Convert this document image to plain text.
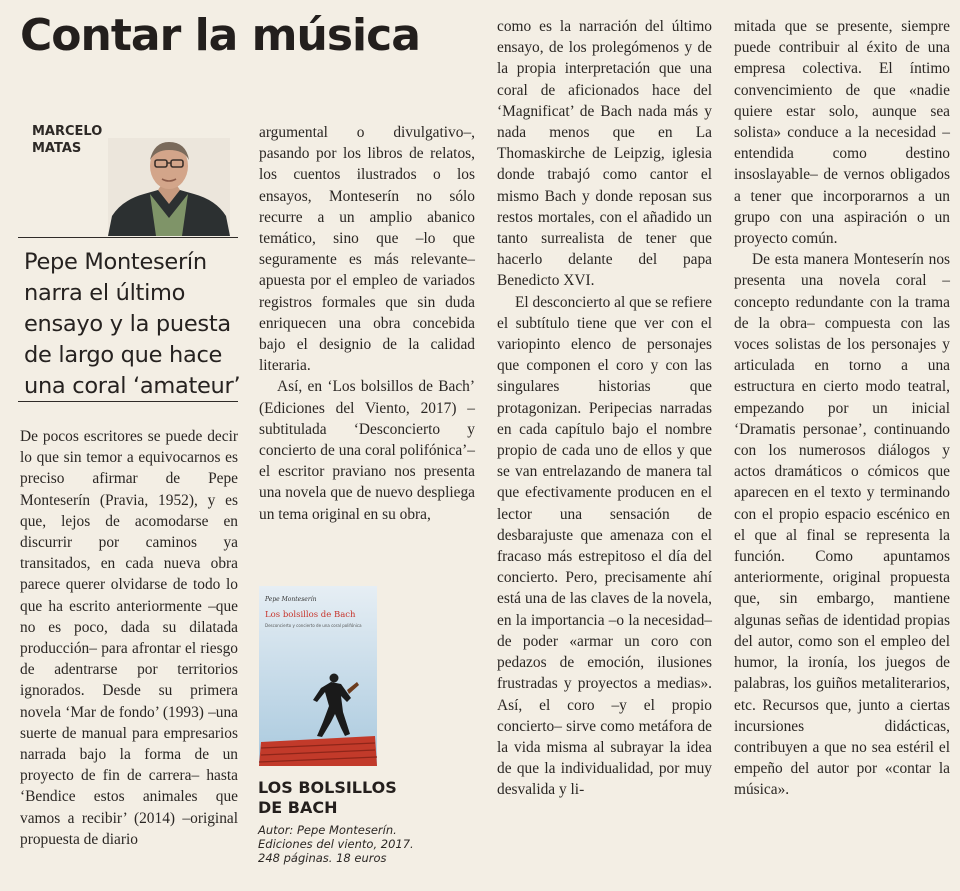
Contar la música
MARCELO
MATAS
Pepe Monteserín narra el último ensayo y la puesta de largo que hace una coral ‘amateur’

De pocos escritores se puede decir lo que sin temor a equivocarnos es preciso afirmar de Pepe Monteserín (Pravia, 1952), y es que, lejos de acomodarse en discurrir por caminos ya transitados, en cada nueva obra parece querer olvidarse de todo lo que ha escrito anteriormente –que no es poco, dada su dilatada producción– para afrontar el riesgo de adentrarse por territorios ignorados. Desde su primera novela ‘Mar de fondo’ (1993) –una suerte de manual para empresarios narrada bajo la forma de un proyecto de fin de carrera– hasta ‘Bendice estos animales que vamos a recibir’ (2014) –original propuesta de diario

argumental o divulgativo–, pasando por los libros de relatos, los cuentos ilustrados o los ensayos, Monteserín no sólo recurre a un amplio abanico temático, sino que –lo que seguramente es más relevante– apuesta por el empleo de variados registros formales que sin duda enriquecen una obra concebida bajo el designio de la calidad literaria.

Así, en ‘Los bolsillos de Bach’ (Ediciones del Viento, 2017) –subtitulada ‘Desconcierto y concierto de una coral polifónica’– el escritor praviano nos presenta una novela que de nuevo despliega un tema original en su obra,

Pepe Monteserín
Los bolsillos de Bach
Desconcierto y concierto de una coral polifónica
LOS BOLSILLOS
DE BACH
Autor: Pepe Monteserín.
Ediciones del viento, 2017.
248 páginas. 18 euros

como es la narración del último ensayo, de los prolegómenos y de la propia interpretación que una coral de aficionados hace del ‘Magnificat’ de Bach nada más y nada menos que en La Thomaskirche de Leipzig, iglesia donde trabajó como cantor el mismo Bach y donde reposan sus restos mortales, con el añadido un tanto surrealista de tener que hacerlo delante del papa Benedicto XVI.

El desconcierto al que se refiere el subtítulo tiene que ver con el variopinto elenco de personajes que componen el coro y con las singulares historias que protagonizan. Peripecias narradas en cada capítulo bajo el nombre propio de cada uno de ellos y que se van entrelazando de manera tal que efectivamente producen en el lector una sensación de desbarajuste que amenaza con el fracaso más estrepitoso el día del concierto. Pero, precisamente ahí está una de las claves de la novela, en la importancia –o la necesidad– de poder «armar un coro con pedazos de emoción, ilusiones frustradas y proyectos a medias». Así, el coro –y el propio concierto– sirve como metáfora de la vida misma al subrayar la idea de que la individualidad, por muy desvalida y li-

mitada que se presente, siempre puede contribuir al éxito de una empresa colectiva. El íntimo convencimiento de que «nadie quiere estar solo, aunque sea solista» conduce a la necesidad –entendida como destino insoslayable– de vernos obligados a tener que incorporarnos a un grupo con una aspiración o un proyecto común.

De esta manera Monteserín nos presenta una novela coral –concepto redundante con la trama de la obra– compuesta con las voces solistas de los personajes y articulada en torno a una estructura en cierto modo teatral, empezando por un inicial ‘Dramatis personae’, continuando con los numerosos diálogos y actos dramáticos o cómicos que aparecen en el texto y terminando con el propio espacio escénico en el que al final se representa la función. Como apuntamos anteriormente, original propuesta que, sin embargo, mantiene algunas señas de identidad propias del autor, como son el empleo del humor, la ironía, los juegos de palabras, los guiños metaliterarios, etc. Recursos que, junto a ciertas incursiones didácticas, contribuyen a que no sea estéril el empeño del autor por «contar la música».
